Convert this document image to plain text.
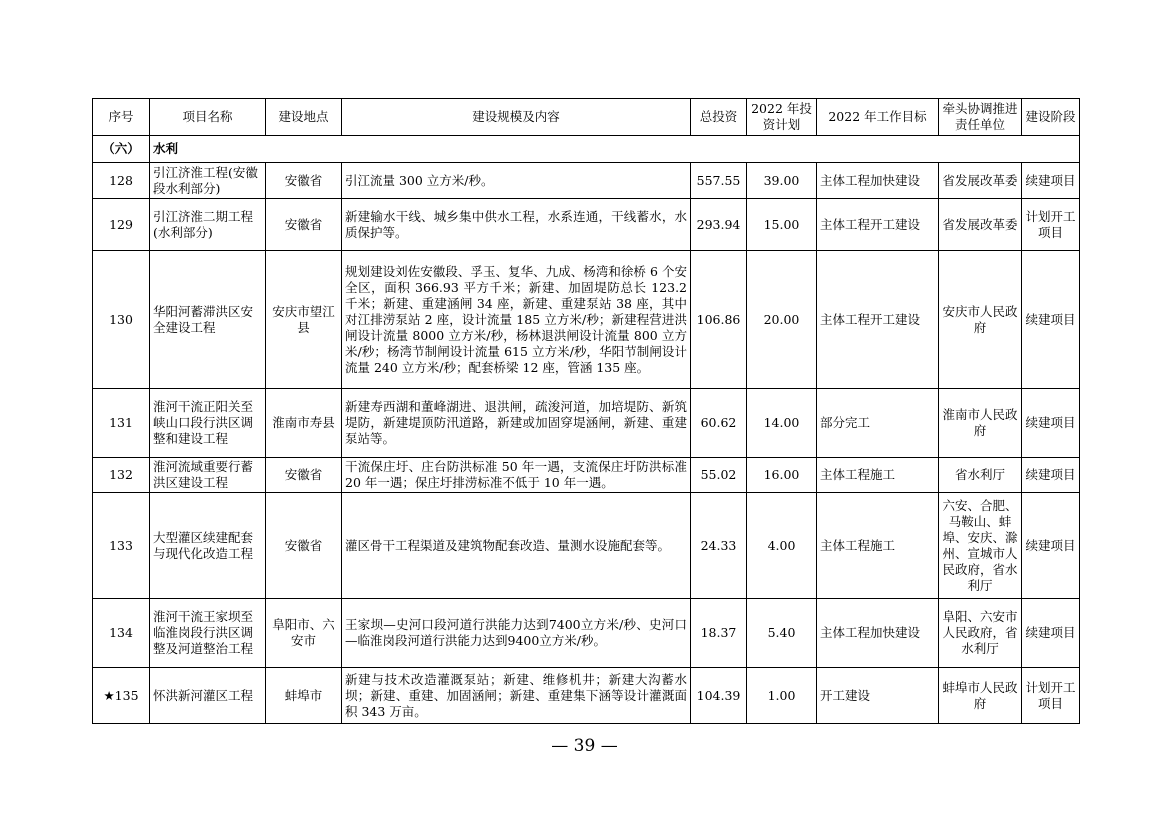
序号	项目名称	建设地点	建设规模及内容	总投资	2022 年投资计划	2022 年工作目标	牵头协调推进责任单位	建设阶段
（六）	水利							
128	引江济淮工程(安徽段水利部分)	安徽省	引江流量 300 立方米/秒。	557.55	39.00	主体工程加快建设	省发展改革委	续建项目
129	引江济淮二期工程(水利部分)	安徽省	新建输水干线、城乡集中供水工程，水系连通，干线蓄水，水质保护等。	293.94	15.00	主体工程开工建设	省发展改革委	计划开工项目
130	华阳河蓄滞洪区安全建设工程	安庆市望江县	规划建设刘佐安徽段、孚玉、复华、九成、杨湾和徐桥 6 个安全区，面积 366.93 平方千米；新建、加固堤防总长 123.2 千米；新建、重建涵闸 34 座，新建、重建泵站 38 座，其中对江排涝泵站 2 座，设计流量 185 立方米/秒；新建程营进洪闸设计流量 8000 立方米/秒，杨林退洪闸设计流量 800 立方米/秒；杨湾节制闸设计流量 615 立方米/秒，华阳节制闸设计流量 240 立方米/秒；配套桥梁 12 座，管涵 135 座。	106.86	20.00	主体工程开工建设	安庆市人民政府	续建项目
131	淮河干流正阳关至峡山口段行洪区调整和建设工程	淮南市寿县	新建寿西湖和董峰湖进、退洪闸，疏浚河道，加培堤防、新筑堤防，新建堤顶防汛道路，新建或加固穿堤涵闸，新建、重建泵站等。	60.62	14.00	部分完工	淮南市人民政府	续建项目
132	淮河流域重要行蓄洪区建设工程	安徽省	干流保庄圩、庄台防洪标准 50 年一遇，支流保庄圩防洪标准 20 年一遇；保庄圩排涝标准不低于 10 年一遇。	55.02	16.00	主体工程施工	省水利厅	续建项目
133	大型灌区续建配套与现代化改造工程	安徽省	灌区骨干工程渠道及建筑物配套改造、量测水设施配套等。	24.33	4.00	主体工程施工	六安、合肥、马鞍山、蚌埠、安庆、滁州、宣城市人民政府，省水利厅	续建项目
134	淮河干流王家坝至临淮岗段行洪区调整及河道整治工程	阜阳市、六安市	王家坝—史河口段河道行洪能力达到7400立方米/秒、史河口—临淮岗段河道行洪能力达到9400立方米/秒。	18.37	5.40	主体工程加快建设	阜阳、六安市人民政府，省水利厅	续建项目
★135	怀洪新河灌区工程	蚌埠市	新建与技术改造灌溉泵站；新建、维修机井；新建大沟蓄水坝；新建、重建、加固涵闸；新建、重建集下涵等设计灌溉面积 343 万亩。	104.39	1.00	开工建设	蚌埠市人民政府	计划开工项目
— 39 —
